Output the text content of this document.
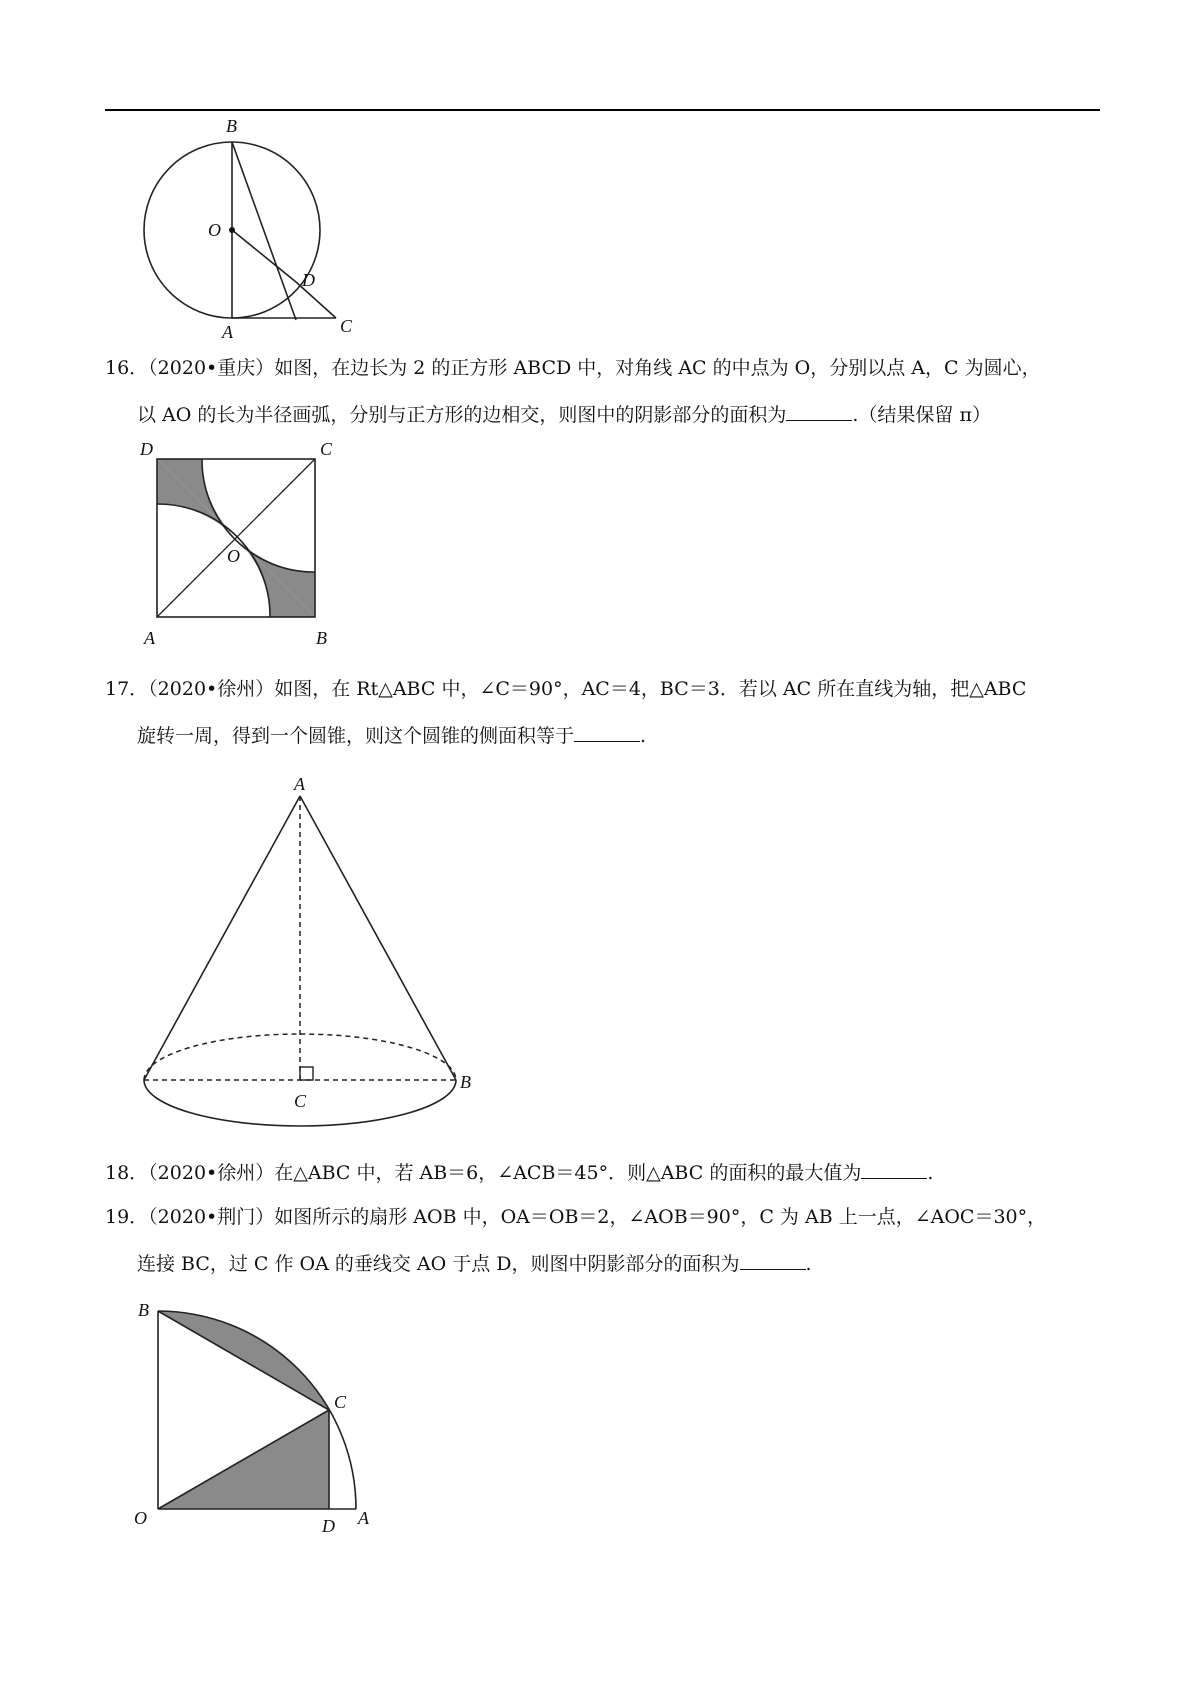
B
O
D
A	C
16．（2020•重庆）如图，在边长为 2 的正方形 ABCD 中，对角线 AC 的中点为 O，分别以点 A，C 为圆心，
以 AO 的长为半径画弧，分别与正方形的边相交，则图中的阴影部分的面积为	.（结果保留 π）
D	C
O
A	B
17．（2020•徐州）如图，在 Rt△ABC 中，∠C＝90°，AC＝4，BC＝3．若以 AC 所在直线为轴，把△ABC
旋转一周，得到一个圆锥，则这个圆锥的侧面积等于	.
A
B
C
18．（2020•徐州）在△ABC 中，若 AB＝6，∠ACB＝45°．则△ABC 的面积的最大值为	.
19．（2020•荆门）如图所示的扇形 AOB 中，OA＝OB＝2，∠AOB＝90°，C 为 AB 上一点，∠AOC＝30°，
连接 BC，过 C 作 OA 的垂线交 AO 于点 D，则图中阴影部分的面积为	.
B
C
O	D A
